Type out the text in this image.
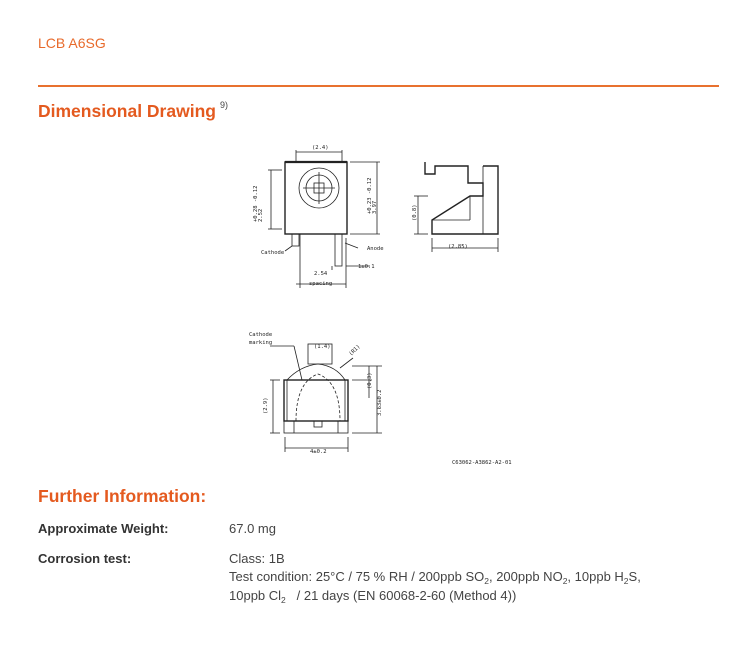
LCB A6SG
Dimensional Drawing $^{9)}$
(2.4)
2.52
+0.28 -0.12	3.97
+0.23 -0.12
Cathode
Anode
1±0.1
2.54
spacing
(0.8)
(2.85)
Cathode
marking
(1.4)	(R1)
(0.3)
(2.9)	3.63±0.2
4±0.2
C63062-A3862-A2-01
Further Information:
Approximate Weight:	67.0 mg
Corrosion test:	Class: 1B
Test condition: 25°C / 75 % RH / 200ppb $SO_2$, 200ppb $NO_2$, 10ppb $H_2S$,
10ppb $Cl_2 / 21$ days (EN 60068-2-60 (Method 4))
